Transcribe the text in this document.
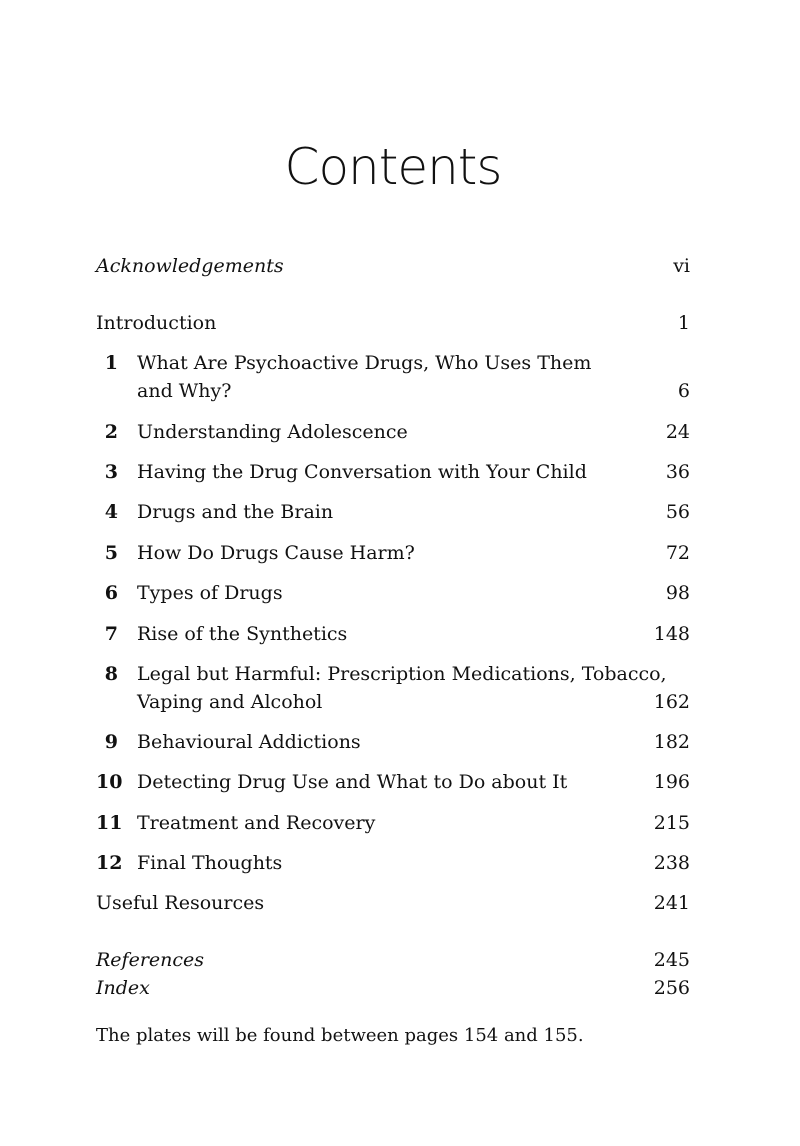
Contents
Acknowledgements	vi
Introduction	1
1 What Are Psychoactive Drugs, Who Uses Them
and Why?	6
2 Understanding Adolescence	24
3 Having the Drug Conversation with Your Child	36
4 Drugs and the Brain	56
5 How Do Drugs Cause Harm?	72
6 Types of Drugs	98
7 Rise of the Synthetics	148
8 Legal but Harmful: Prescription Medications, Tobacco,
Vaping and Alcohol	162
9 Behavioural Addictions	182
10 Detecting Drug Use and What to Do about It	196
11 Treatment and Recovery	215
12 Final Thoughts	238
Useful Resources	241
References	245
Index	256
The plates will be found between pages 154 and 155.
